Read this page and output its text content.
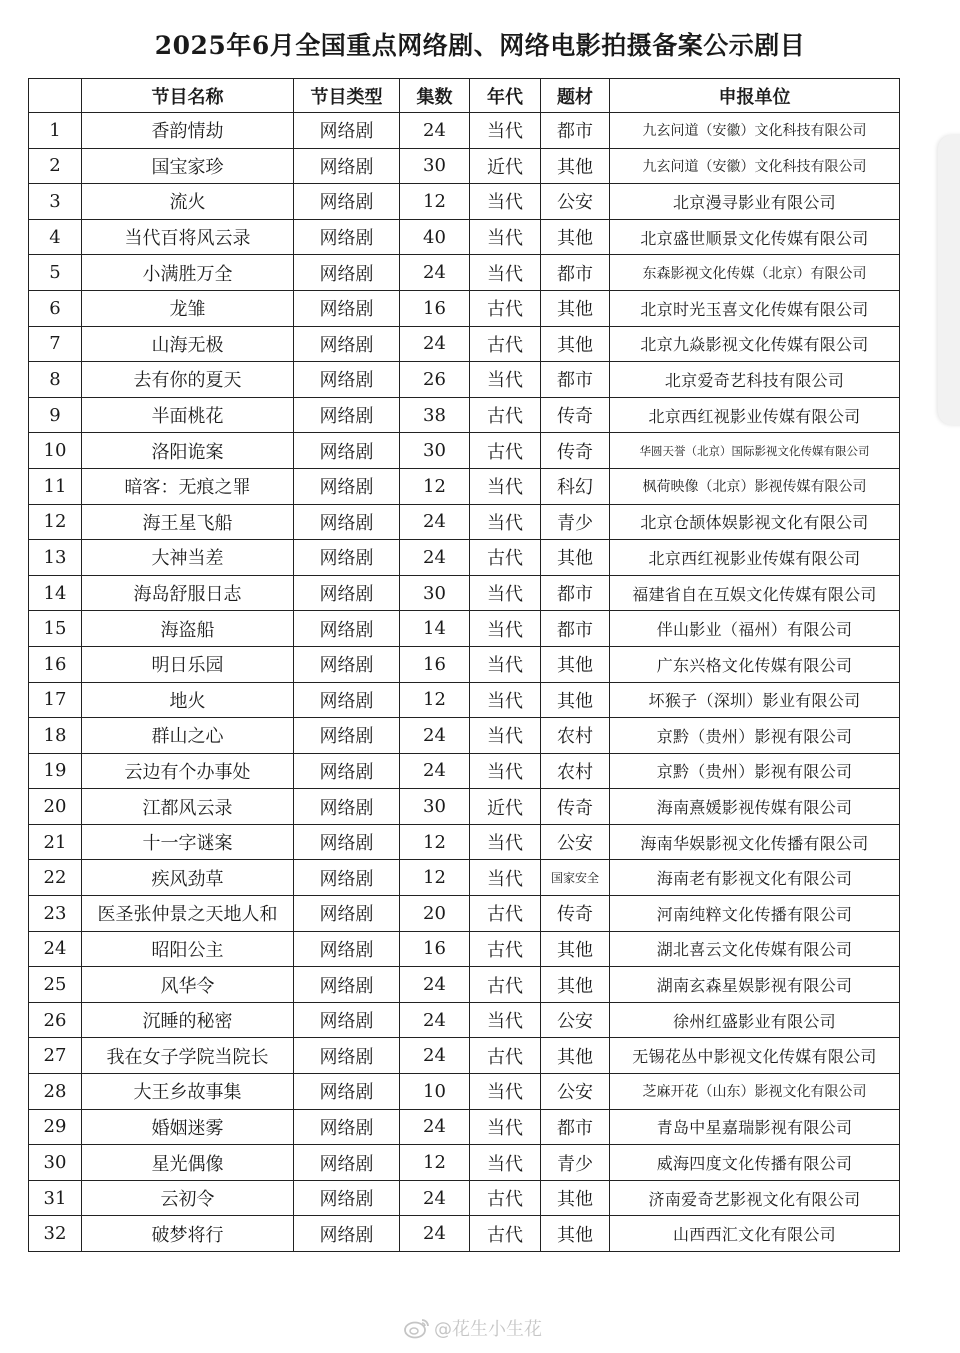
2025年6月全国重点网络剧、网络电影拍摄备案公示剧目
	节目名称	节目类型	集数	年代	题材	申报单位
1	香韵情劫	网络剧	24	当代	都市	九玄问道（安徽）文化科技有限公司
2	国宝家珍	网络剧	30	近代	其他	九玄问道（安徽）文化科技有限公司
3	流火	网络剧	12	当代	公安	北京漫寻影业有限公司
4	当代百将风云录	网络剧	40	当代	其他	北京盛世顺景文化传媒有限公司
5	小满胜万全	网络剧	24	当代	都市	东森影视文化传媒（北京）有限公司
6	龙雏	网络剧	16	古代	其他	北京时光玉喜文化传媒有限公司
7	山海无极	网络剧	24	古代	其他	北京九焱影视文化传媒有限公司
8	去有你的夏天	网络剧	26	当代	都市	北京爱奇艺科技有限公司
9	半面桃花	网络剧	38	古代	传奇	北京西红视影业传媒有限公司
10	洛阳诡案	网络剧	30	古代	传奇	华圆天誉（北京）国际影视文化传媒有限公司
11	暗客：无痕之罪	网络剧	12	当代	科幻	枫荷映像（北京）影视传媒有限公司
12	海王星飞船	网络剧	24	当代	青少	北京仓颉体娱影视文化有限公司
13	大神当差	网络剧	24	古代	其他	北京西红视影业传媒有限公司
14	海岛舒服日志	网络剧	30	当代	都市	福建省自在互娱文化传媒有限公司
15	海盗船	网络剧	14	当代	都市	伴山影业（福州）有限公司
16	明日乐园	网络剧	16	当代	其他	广东兴格文化传媒有限公司
17	地火	网络剧	12	当代	其他	坏猴子（深圳）影业有限公司
18	群山之心	网络剧	24	当代	农村	京黔（贵州）影视有限公司
19	云边有个办事处	网络剧	24	当代	农村	京黔（贵州）影视有限公司
20	江都风云录	网络剧	30	近代	传奇	海南熹媛影视传媒有限公司
21	十一字谜案	网络剧	12	当代	公安	海南华娱影视文化传播有限公司
22	疾风劲草	网络剧	12	当代	国家安全	海南老有影视文化有限公司
23	医圣张仲景之天地人和	网络剧	20	古代	传奇	河南纯粹文化传播有限公司
24	昭阳公主	网络剧	16	古代	其他	湖北喜云文化传媒有限公司
25	风华令	网络剧	24	古代	其他	湖南玄森星娱影视有限公司
26	沉睡的秘密	网络剧	24	当代	公安	徐州红盛影业有限公司
27	我在女子学院当院长	网络剧	24	古代	其他	无锡花丛中影视文化传媒有限公司
28	大王乡故事集	网络剧	10	当代	公安	芝麻开花（山东）影视文化有限公司
29	婚姻迷雾	网络剧	24	当代	都市	青岛中星嘉瑞影视有限公司
30	星光偶像	网络剧	12	当代	青少	威海四度文化传播有限公司
31	云初令	网络剧	24	古代	其他	济南爱奇艺影视文化有限公司
32	破梦将行	网络剧	24	古代	其他	山西西汇文化有限公司
@花生小生花
